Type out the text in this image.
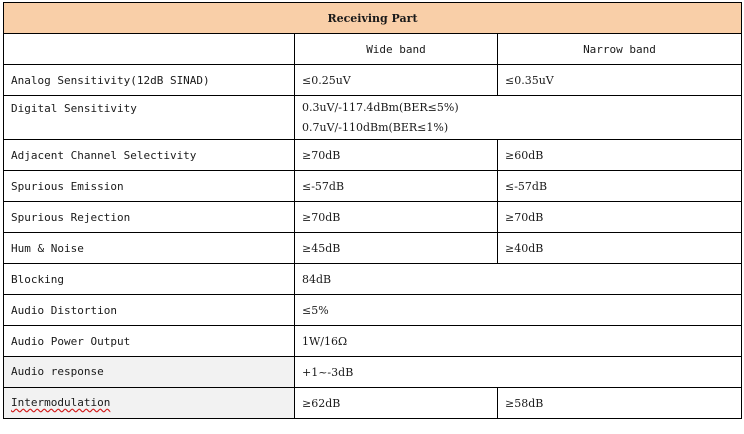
Receiving Part		
	Wide band	Narrow band
Analog Sensitivity(12dB SINAD)	≤0.25uV	≤0.35uV
Digital Sensitivity	0.3uV/-117.4dBm(BER≤5%)
0.7uV/-110dBm(BER≤1%)	

Adjacent Channel Selectivity	≥70dB	≥60dB
Spurious Emission	≤-57dB	≤-57dB
Spurious Rejection	≥70dB	≥70dB
Hum & Noise	≥45dB	≥40dB
Blocking	84dB	
Audio Distortion	≤5%	
Audio Power Output	1W/16Ω	

Audio response	+1~-3dB	

Intermodulation	≥62dB	≥58dB
